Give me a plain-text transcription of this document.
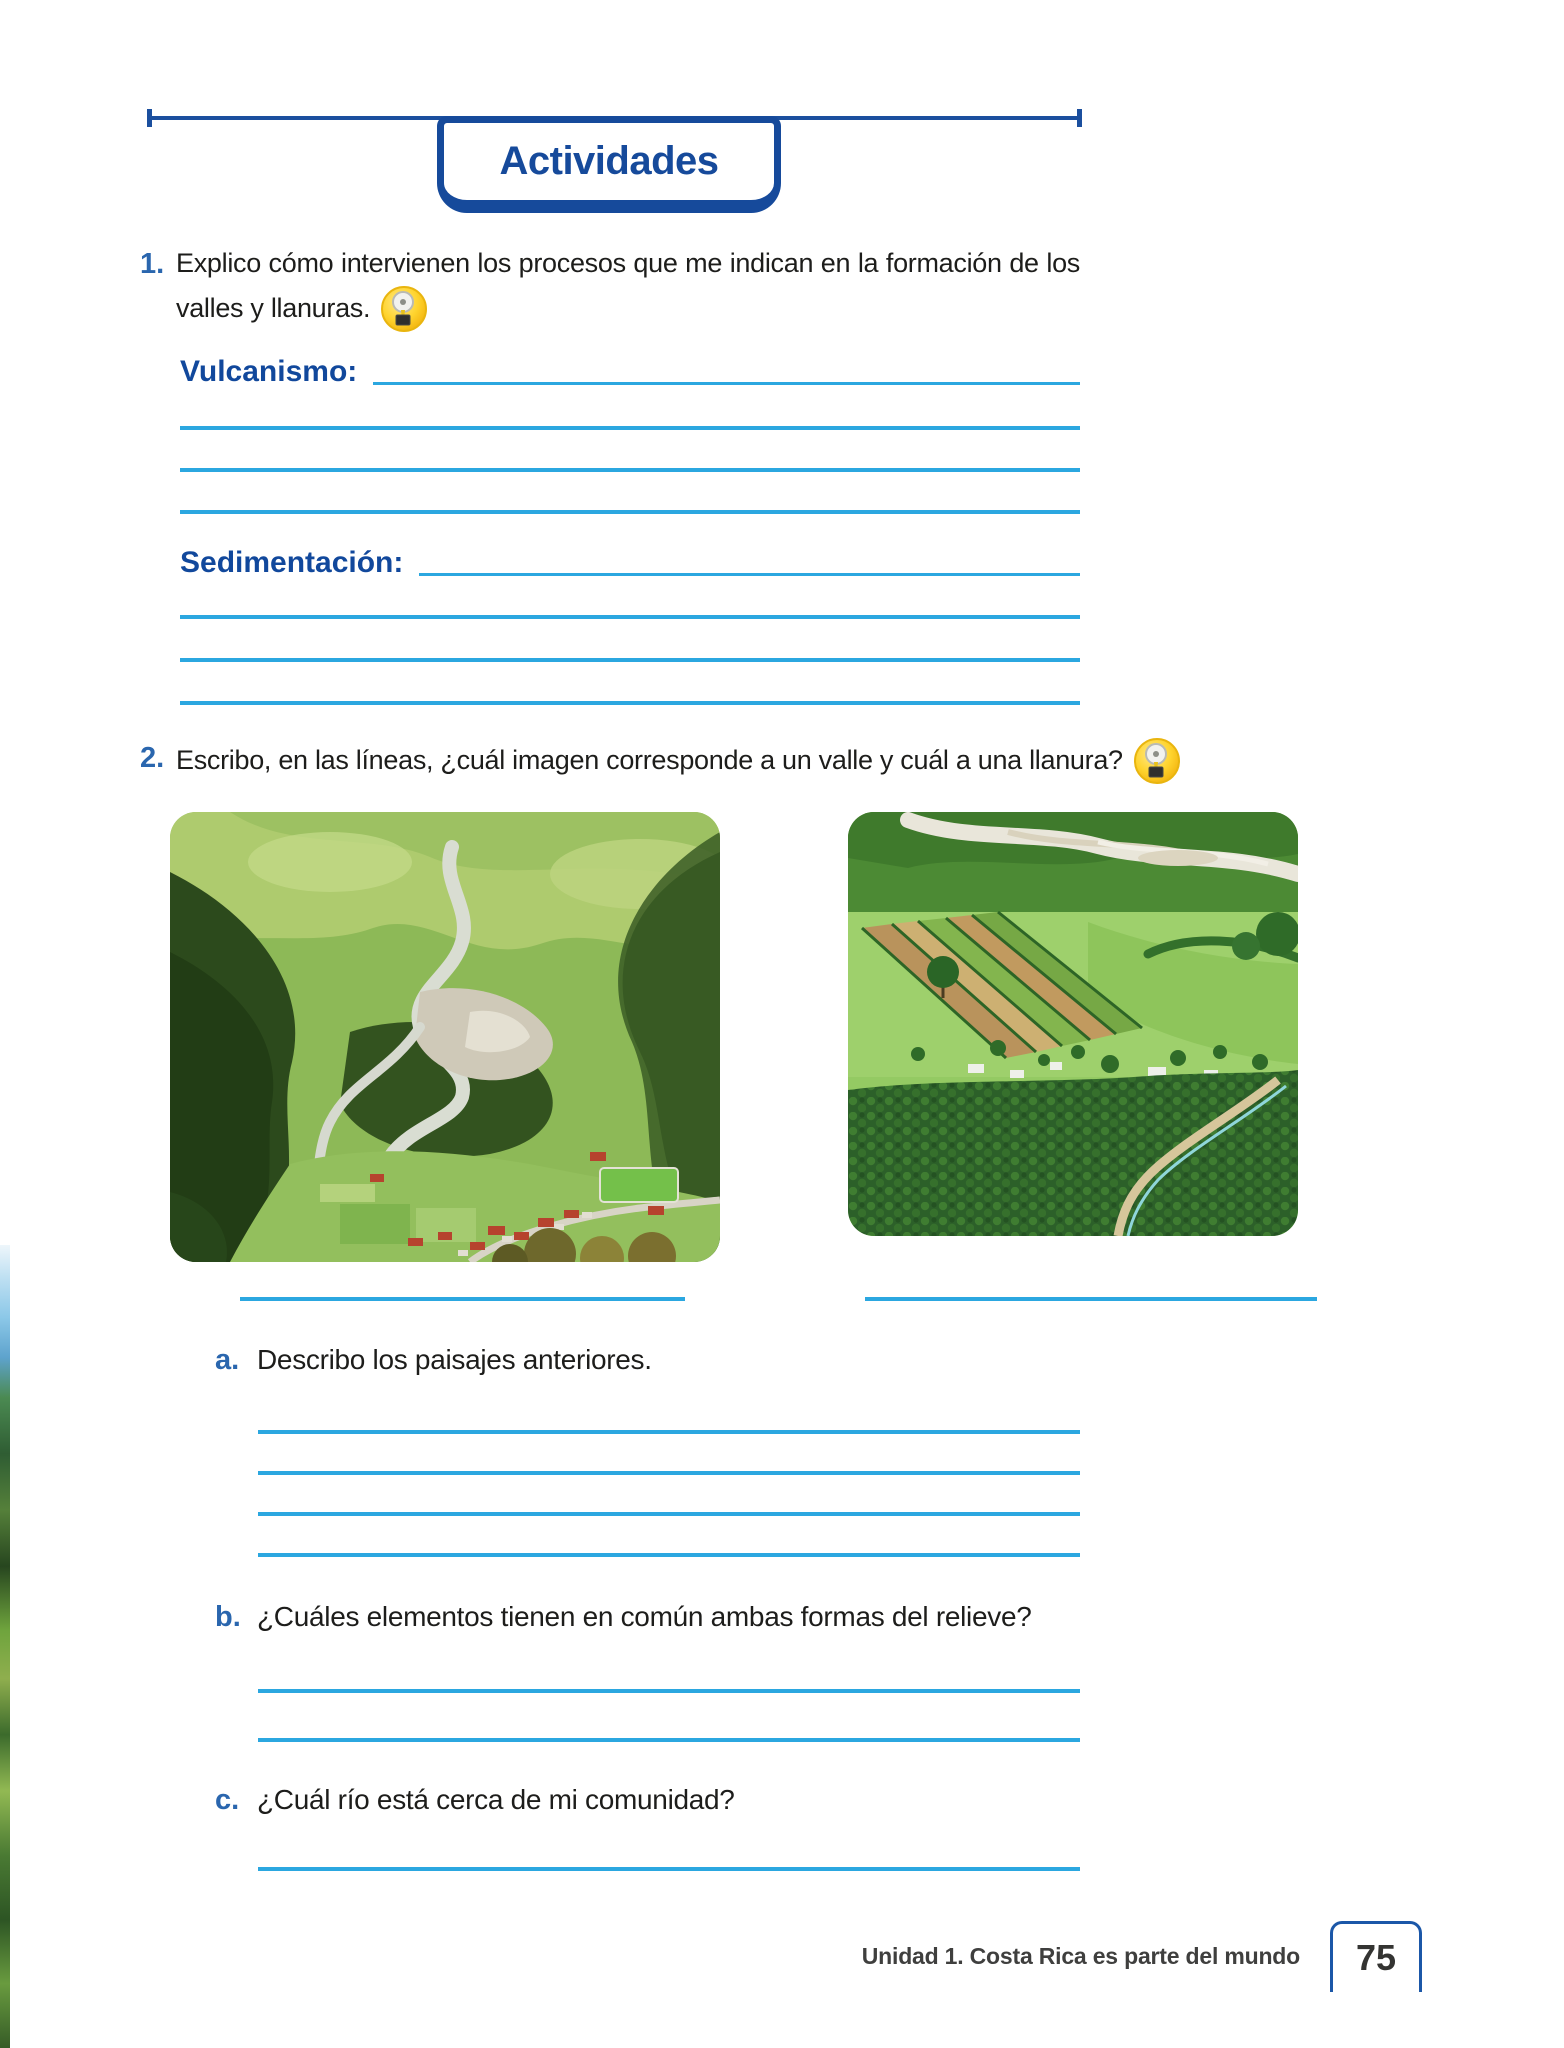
Actividades
1. Explico cómo intervienen los procesos que me indican en la formación de los valles y llanuras.
Vulcanismo:
Sedimentación:
2. Escribo, en las líneas, ¿cuál imagen corresponde a un valle y cuál a una llanura?
a. Describo los paisajes anteriores.
b. ¿Cuáles elementos tienen en común ambas formas del relieve?
c. ¿Cuál río está cerca de mi comunidad?
Unidad 1. Costa Rica es parte del mundo 75
